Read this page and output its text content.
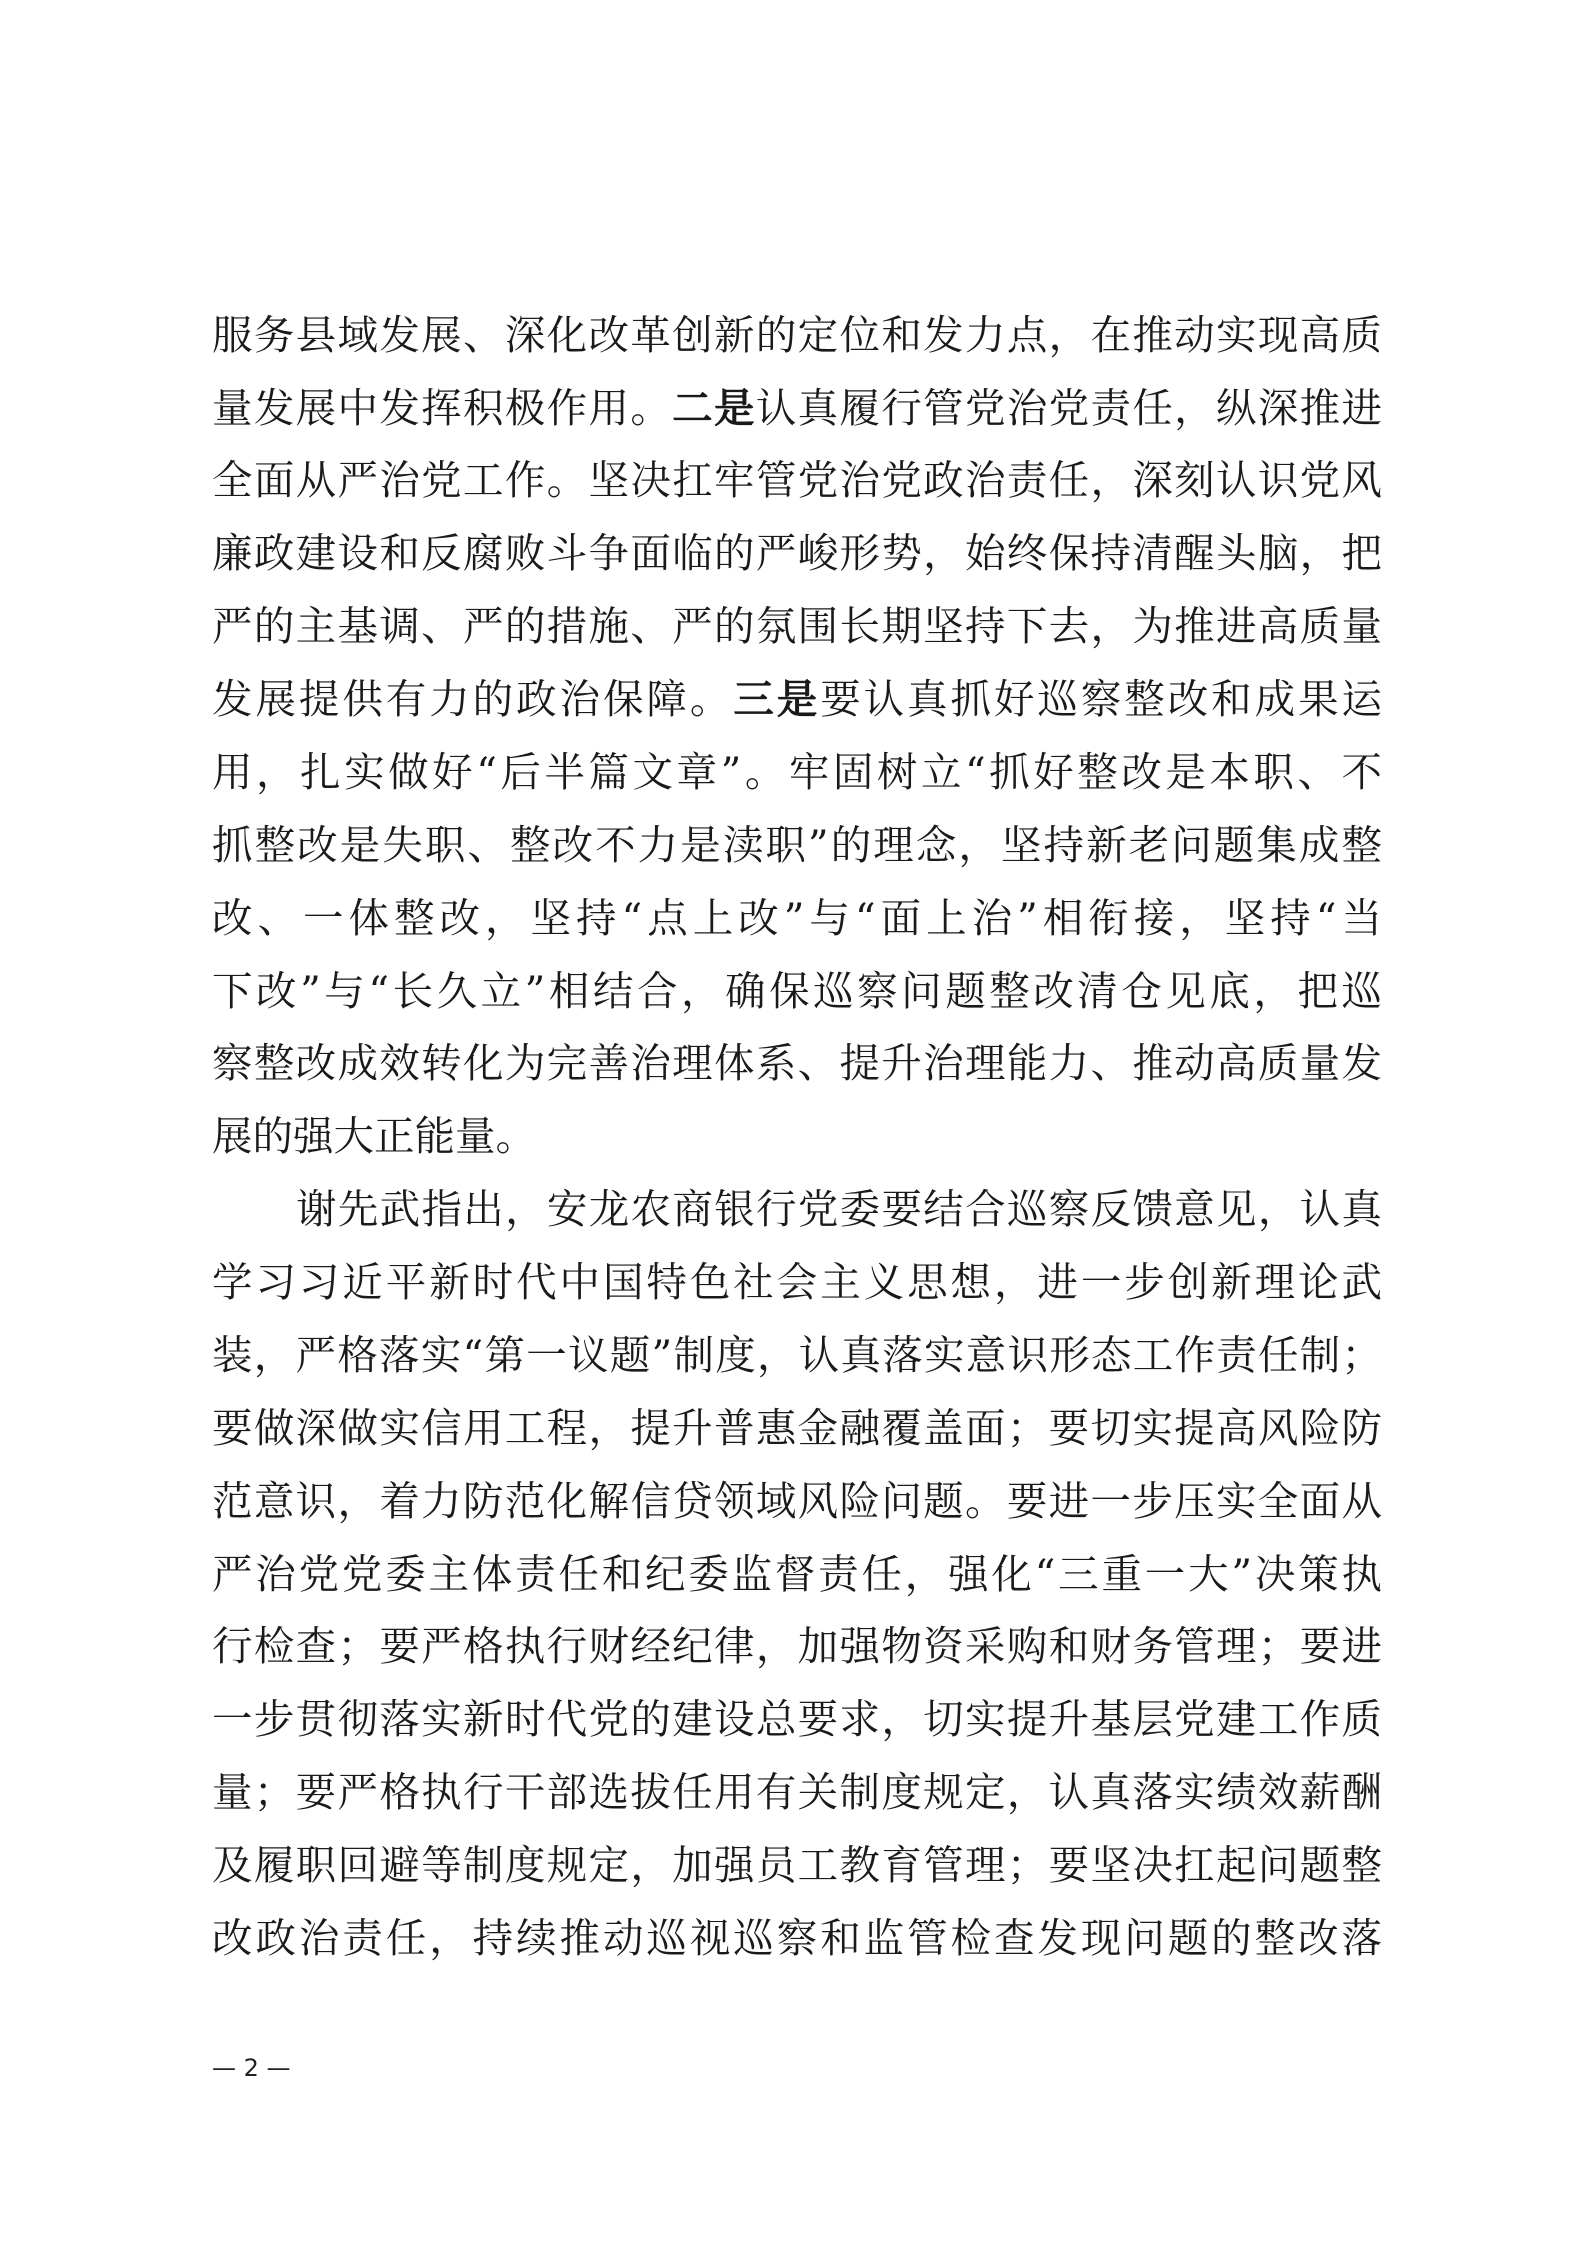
服务县域发展、深化改革创新的定位和发力点，在推动实现高质
量发展中发挥积极作用。二是认真履行管党治党责任，纵深推进
全面从严治党工作。坚决扛牢管党治党政治责任，深刻认识党风
廉政建设和反腐败斗争面临的严峻形势，始终保持清醒头脑，把
严的主基调、严的措施、严的氛围长期坚持下去，为推进高质量
发展提供有力的政治保障。三是要认真抓好巡察整改和成果运
用，扎实做好“后半篇文章”。牢固树立“抓好整改是本职、不
抓整改是失职、整改不力是渎职”的理念，坚持新老问题集成整
改、一体整改，坚持“点上改”与“面上治”相衔接，坚持“当
下改”与“长久立”相结合，确保巡察问题整改清仓见底，把巡
察整改成效转化为完善治理体系、提升治理能力、推动高质量发
展的强大正能量。
谢先武指出，安龙农商银行党委要结合巡察反馈意见，认真
学习习近平新时代中国特色社会主义思想，进一步创新理论武
装，严格落实“第一议题”制度，认真落实意识形态工作责任制；
要做深做实信用工程，提升普惠金融覆盖面；要切实提高风险防
范意识，着力防范化解信贷领域风险问题。要进一步压实全面从
严治党党委主体责任和纪委监督责任，强化“三重一大”决策执
行检查；要严格执行财经纪律，加强物资采购和财务管理；要进
一步贯彻落实新时代党的建设总要求，切实提升基层党建工作质
量；要严格执行干部选拔任用有关制度规定，认真落实绩效薪酬
及履职回避等制度规定，加强员工教育管理；要坚决扛起问题整
改政治责任，持续推动巡视巡察和监管检查发现问题的整改落
— 2 —
